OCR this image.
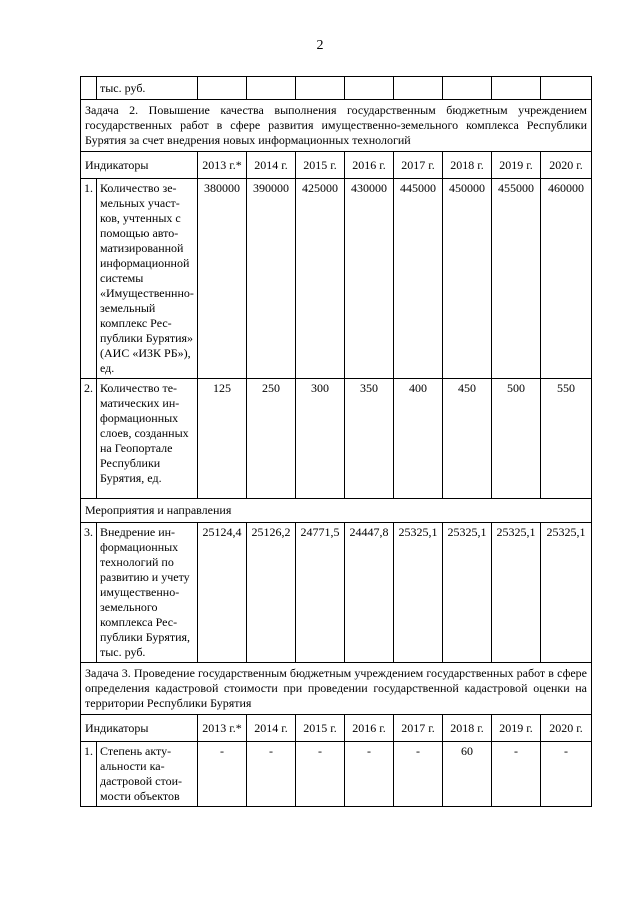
2
	тыс. руб.								
Задача 2. Повышение качества выполнения государственным бюджетным учреждением государственных работ в сфере развития имущественно-земельного комплекса Республики Бурятия за счет внедрения новых информационных технологий									
Индикаторы		2013 г.*	2014 г.	2015 г.	2016 г.	2017 г.	2018 г.	2019 г.	2020 г.
1.	Количество земельных участков, учтенных с помощью автоматизированной информационной системы «Имущественнно-земельный комплекс Республики Бурятия» (АИС «ИЗК РБ»), ед.	380000	390000	425000	430000	445000	450000	455000	460000
2.	Количество тематических информационных слоев, созданных на Геопортале Республики Бурятия, ед.	125	250	300	350	400	450	500	550
Мероприятия и направления									
3.	Внедрение информационных технологий по развитию и учету имущественно-земельного комплекса Республики Бурятия, тыс. руб.	25124,4	25126,2	24771,5	24447,8	25325,1	25325,1	25325,1	25325,1
Задача 3. Проведение государственным бюджетным учреждением государственных работ в сфере определения кадастровой стоимости при проведении государственной кадастровой оценки на территории Республики Бурятия									
Индикаторы		2013 г.*	2014 г.	2015 г.	2016 г.	2017 г.	2018 г.	2019 г.	2020 г.
1.	Степень актуальности кадастровой стоимости объектов	-	-	-	-	-	60	-	-
